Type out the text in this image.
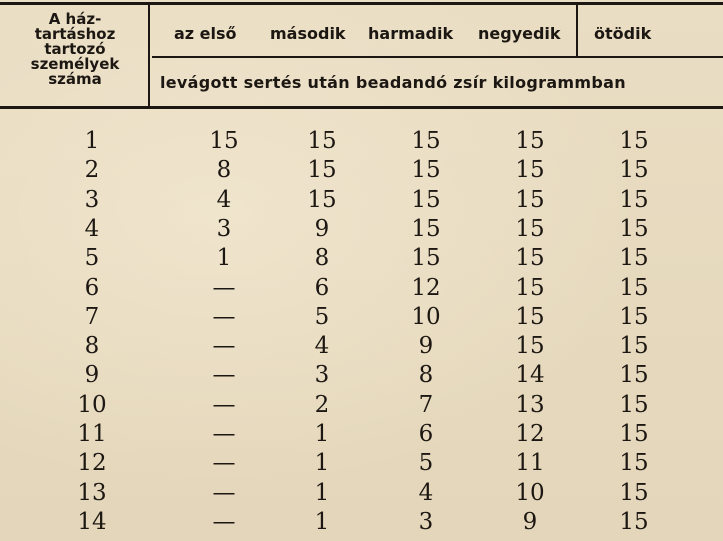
A ház-
tartáshoz
tartozó
személyek
száma
az első második harmadik negyedik ötödik
levágott sertés után beadandó zsír kilogrammban
1	15	15	15	15	15
2	8	15	15	15	15
3	4	15	15	15	15
4	3	9	15	15	15
5	1	8	15	15	15
6	—	6	12	15	15
7	—	5	10	15	15
8	—	4	9	15	15
9	—	3	8	14	15
10	—	2	7	13	15
11	—	1	6	12	15
12	—	1	5	11	15
13	—	1	4	10	15
14	—	1	3	9	15
